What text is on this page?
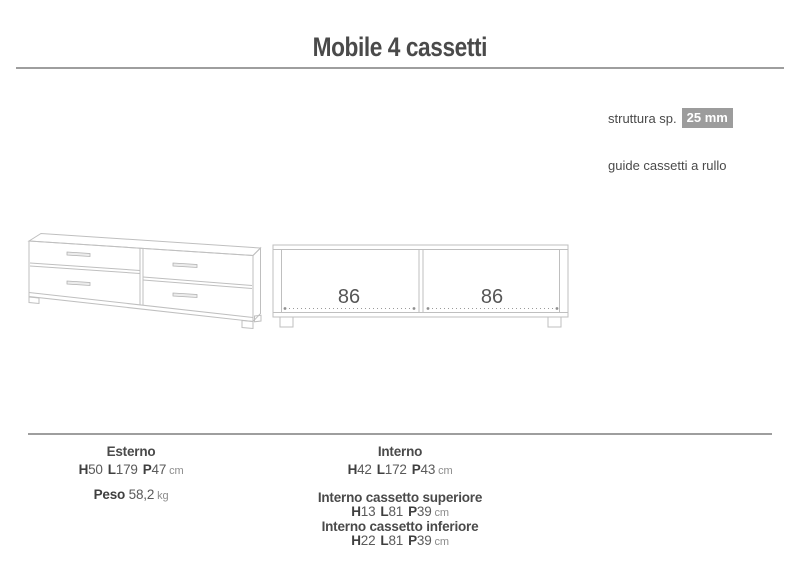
Mobile 4 cassetti
struttura sp. 25 mm
guide cassetti a rullo
86	86
Esterno
H50 L179 P47 cm
Peso 58,2 kg
Interno
H42 L172 P43 cm
Interno cassetto superiore
H13 L81 P39 cm
Interno cassetto inferiore
H22 L81 P39 cm
